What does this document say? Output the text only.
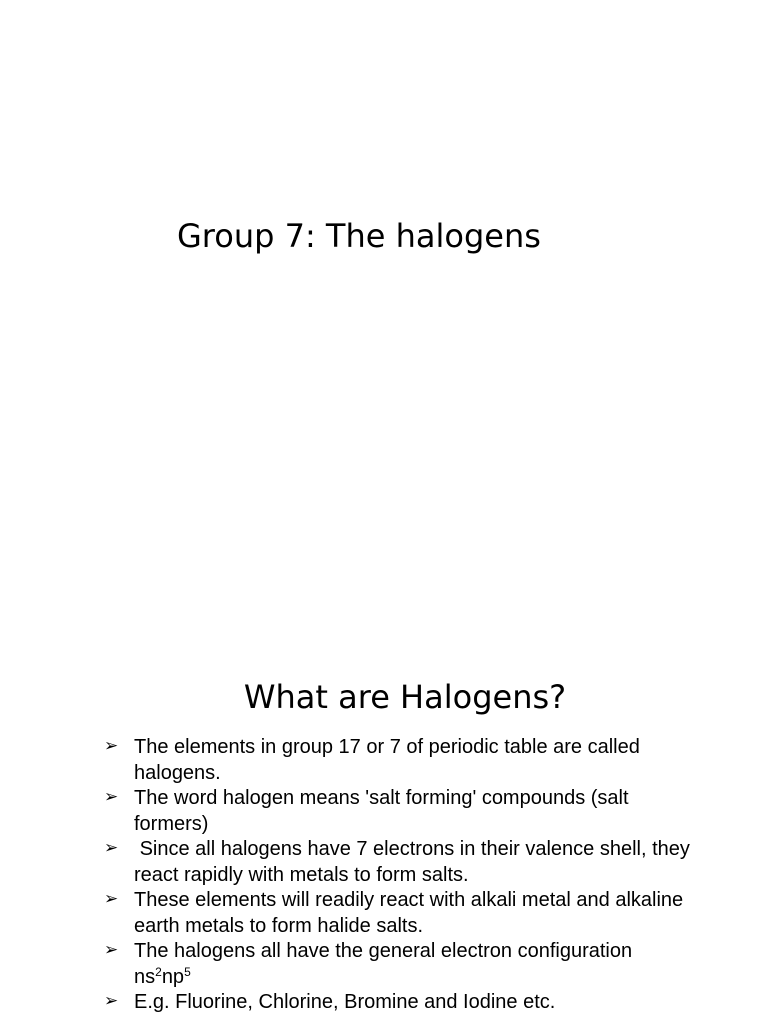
Group 7: The halogens
What are Halogens?
➢ The elements in group 17 or 7 of periodic table are called halogens.
➢ The word halogen means 'salt forming' compounds (salt formers)
➢ Since all halogens have 7 electrons in their valence shell, they react rapidly with metals to form salts.
➢ These elements will readily react with alkali metal and alkaline earth metals to form halide salts.
➢ The halogens all have the general electron configuration
$ns^2np^5$
➢ E.g. Fluorine, Chlorine, Bromine and Iodine etc.
